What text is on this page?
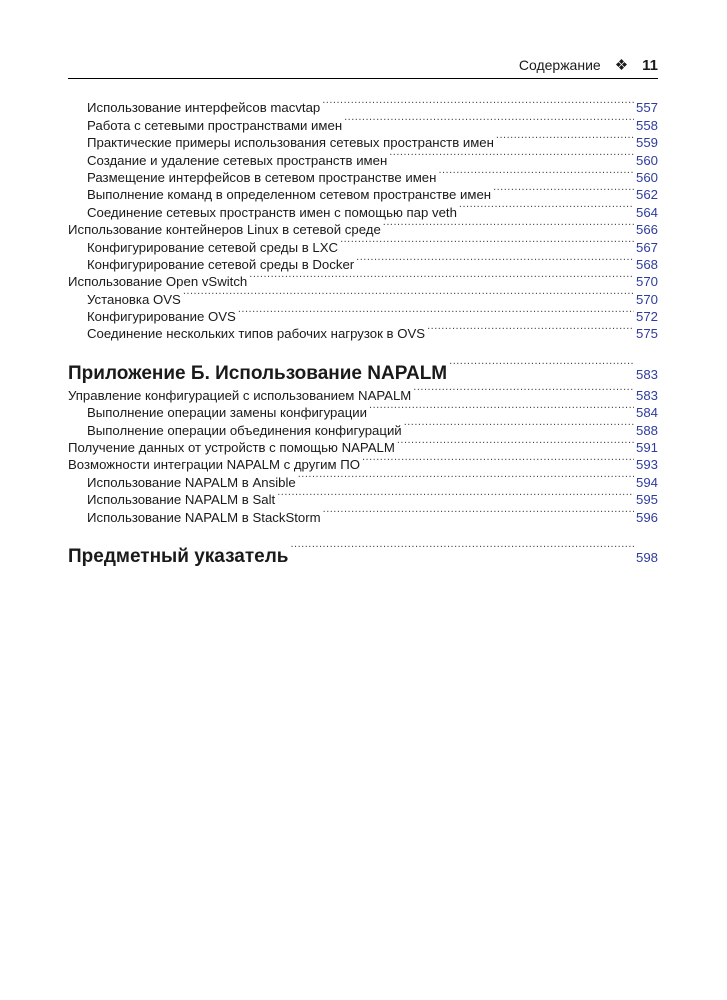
Содержание ❖ 11
Использование интерфейсов macvtap .....	557
Работа с сетевыми пространствами имен .....	558
Практические примеры использования сетевых пространств имен .....	559
Создание и удаление сетевых пространств имен .....	560
Размещение интерфейсов в сетевом пространстве имен .....	560
Выполнение команд в определенном сетевом пространстве имен .....	562
Соединение сетевых пространств имен с помощью пар veth .....	564
Использование контейнеров Linux в сетевой среде .....	566
Конфигурирование сетевой среды в LXC .....	567
Конфигурирование сетевой среды в Docker .....	568
Использование Open vSwitch .....	570
Установка OVS .....	570
Конфигурирование OVS .....	572
Соединение нескольких типов рабочих нагрузок в OVS .....	575
Приложение Б. Использование NAPALM .....	583
Управление конфигурацией с использованием NAPALM .....	583
Выполнение операции замены конфигурации .....	584
Выполнение операции объединения конфигураций .....	588
Получение данных от устройств с помощью NAPALM .....	591
Возможности интеграции NAPALM с другим ПО .....	593
Использование NAPALM в Ansible .....	594
Использование NAPALM в Salt .....	595
Использование NAPALM в StackStorm .....	596
Предметный указатель .....	598
